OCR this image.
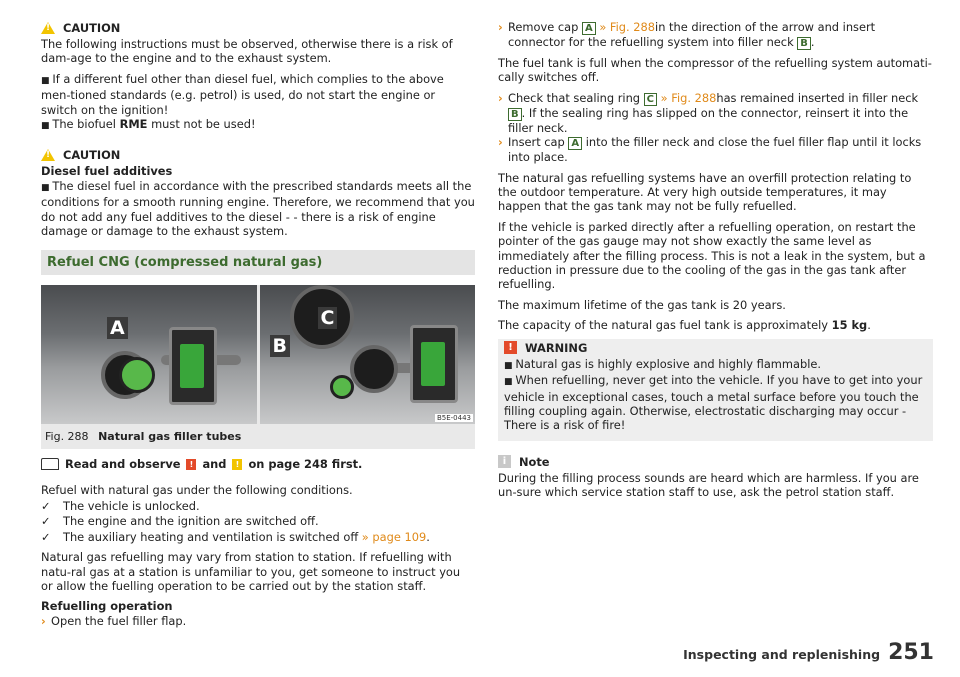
!
CAUTION

The following instructions must be observed, otherwise there is a risk of dam-age to the engine and to the exhaust system.

■ If a different fuel other than diesel fuel, which complies to the above men-tioned standards (e.g. petrol) is used, do not start the engine or switch on the ignition!

■ The biofuel RME must not be used!

!
CAUTION

Diesel fuel additives

■ The diesel fuel in accordance with the prescribed standards meets all the conditions for a smooth running engine. Therefore, we recommend that you do not add any fuel additives to the diesel - - there is a risk of engine damage or damage to the exhaust system.

Refuel CNG (compressed natural gas)
A
B
C
B5E-0443
Fig. 288 Natural gas filler tubes
Read and observe	! and	! on page 248 first.

Refuel with natural gas under the following conditions.

✓	The vehicle is unlocked.
✓	The engine and the ignition are switched off.
✓	The auxiliary heating and ventilation is switched off » page 109.

Natural gas refuelling may vary from station to station. If refuelling with natu-ral gas at a station is unfamiliar to you, get someone to instruct you or allow the fuelling operation to be carried out by the station staff.

Refuelling operation

› Open the fuel filler flap.
› Remove cap A » Fig. 288in the direction of the arrow and insert connector for the refuelling system into filler neck B .

The fuel tank is full when the compressor of the refuelling system automati-cally switches off.

› Check that sealing ring C » Fig. 288has remained inserted in filler neck B . If the sealing ring has slipped on the connector, reinsert it into the filler neck.
› Insert cap A into the filler neck and close the fuel filler flap until it locks into place.

The natural gas refuelling systems have an overfill protection relating to the outdoor temperature. At very high outside temperatures, it may happen that the gas tank may not be fully refuelled.

If the vehicle is parked directly after a refuelling operation, on restart the pointer of the gas gauge may not show exactly the same level as immediately after the filling process. This is not a leak in the system, but a reduction in pressure due to the cooling of the gas in the gas tank after refuelling.

The maximum lifetime of the gas tank is 20 years.

The capacity of the natural gas fuel tank is approximately 15 kg.

!	WARNING

■ Natural gas is highly explosive and highly flammable.

■ When refuelling, never get into the vehicle. If you have to get into your vehicle in exceptional cases, touch a metal surface before you touch the filling coupling again. Otherwise, electrostatic discharging may occur - There is a risk of fire!

i	Note

During the filling process sounds are heard which are harmless. If you are un-sure which service station staff to use, ask the petrol station staff.

Inspecting and replenishing 251
